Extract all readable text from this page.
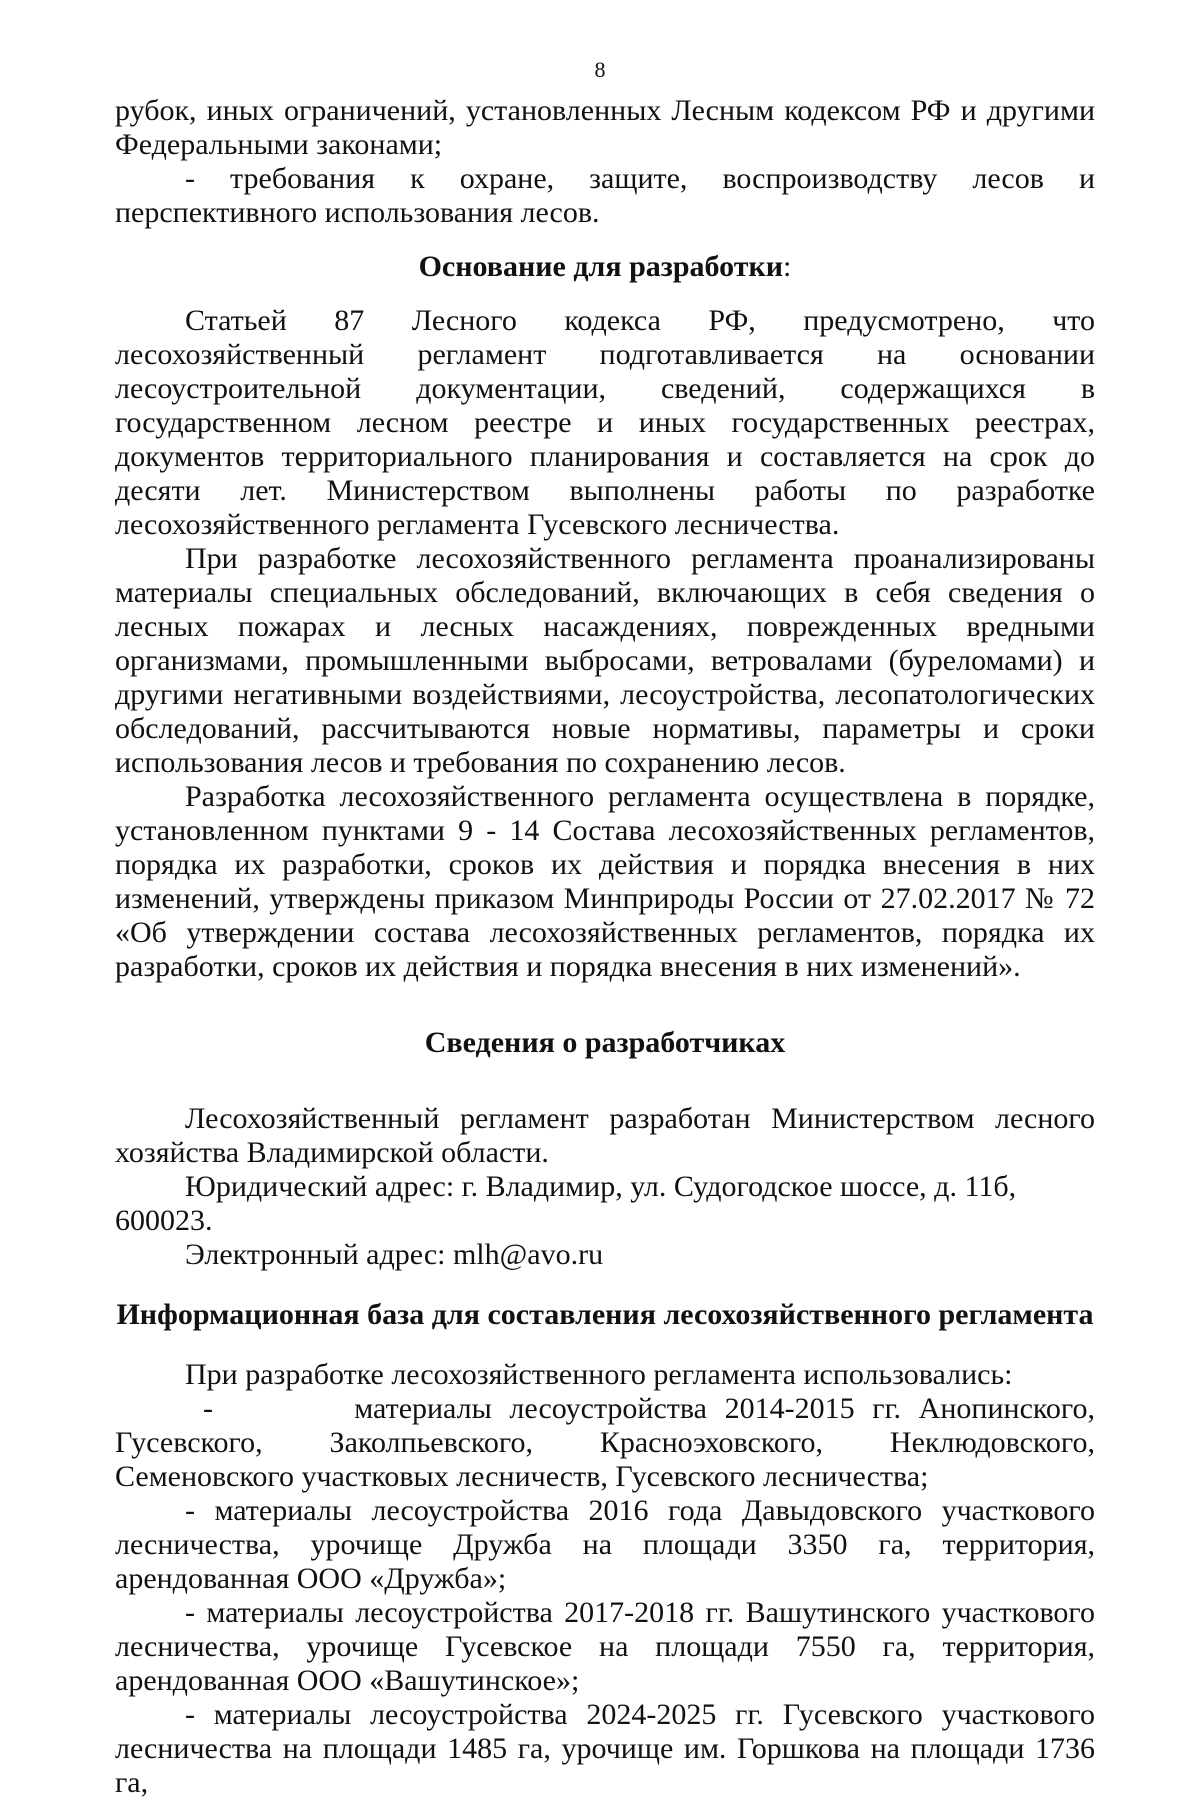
8

рубок, иных ограничений, установленных Лесным кодексом РФ и другими Федеральными законами;

- требования к охране, защите, воспроизводству лесов и перспективного использования лесов.

Основание для разработки:

Статьей 87 Лесного кодекса РФ, предусмотрено, что лесохозяйственный регламент подготавливается на основании лесоустроительной документации, сведений, содержащихся в государственном лесном реестре и иных государственных реестрах, документов территориального планирования и составляется на срок до десяти лет. Министерством выполнены работы по разработке лесохозяйственного регламента Гусевского лесничества.

При разработке лесохозяйственного регламента проанализированы материалы специальных обследований, включающих в себя сведения о лесных пожарах и лесных насаждениях, поврежденных вредными организмами, промышленными выбросами, ветровалами (буреломами) и другими негативными воздействиями, лесоустройства, лесопатологических обследований, рассчитываются новые нормативы, параметры и сроки использования лесов и требования по сохранению лесов.

Разработка лесохозяйственного регламента осуществлена в порядке, установленном пунктами 9 - 14 Состава лесохозяйственных регламентов, порядка их разработки, сроков их действия и порядка внесения в них изменений, утверждены приказом Минприроды России от 27.02.2017 № 72 «Об утверждении состава лесохозяйственных регламентов, порядка их разработки, сроков их действия и порядка внесения в них изменений».

Сведения о разработчиках

Лесохозяйственный регламент разработан Министерством лесного хозяйства Владимирской области.

Юридический адрес: г. Владимир, ул. Судогодское шоссе, д. 11б, 600023.

Электронный адрес: mlh@avo.ru

Информационная база для составления лесохозяйственного регламента

При разработке лесохозяйственного регламента использовались:

-        материалы лесоустройства 2014-2015 гг. Анопинского, Гусевского, Заколпьевского, Красноэховского, Неклюдовского, Семеновского участковых лесничеств, Гусевского лесничества;

- материалы лесоустройства 2016 года Давыдовского участкового лесничества, урочище Дружба на площади 3350 га, территория, арендованная ООО «Дружба»;

- материалы лесоустройства 2017-2018 гг. Вашутинского участкового лесничества, урочище Гусевское на площади 7550 га, территория, арендованная ООО «Вашутинское»;

- материалы лесоустройства 2024-2025 гг. Гусевского участкового лесничества на площади 1485 га, урочище им. Горшкова на площади 1736 га,
